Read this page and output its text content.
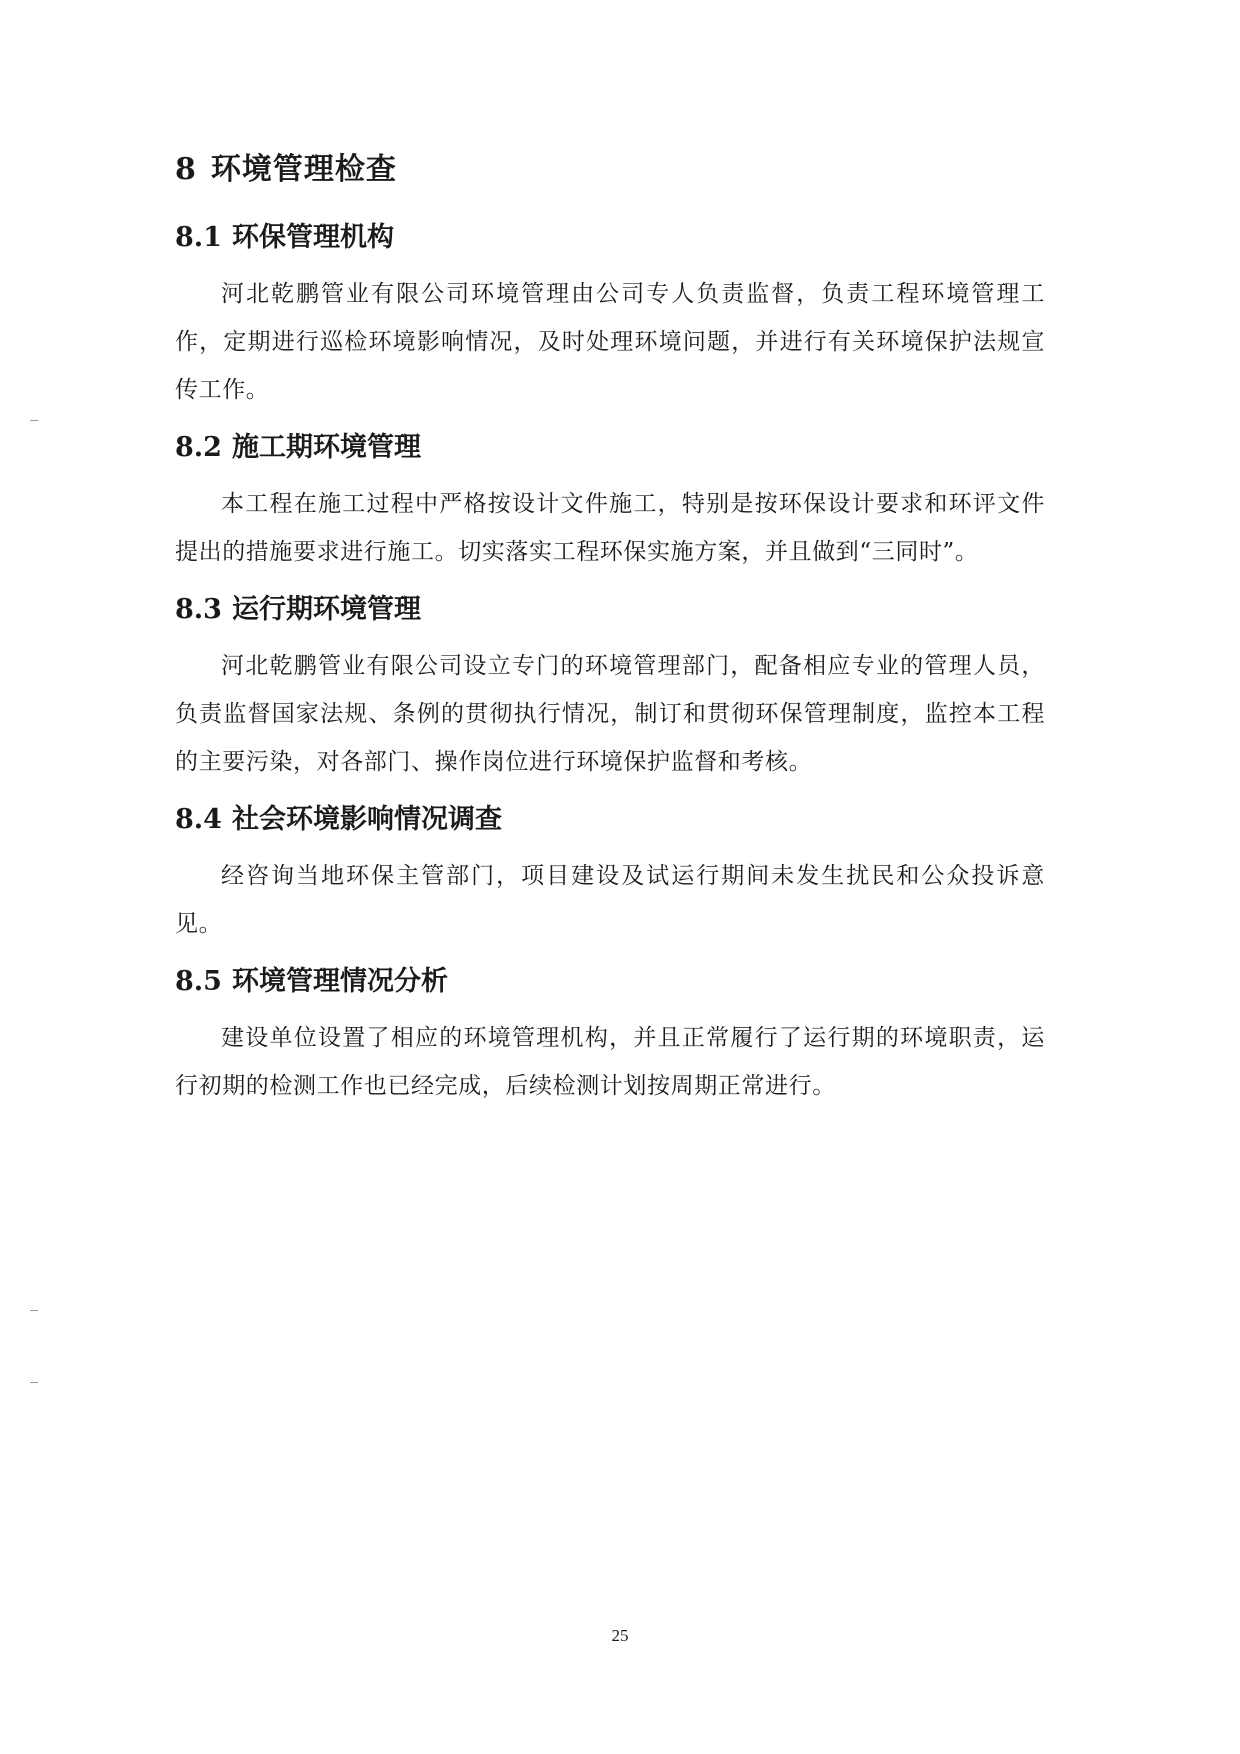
8 环境管理检查
8.1 环保管理机构

河北乾鹏管业有限公司环境管理由公司专人负责监督，负责工程环境管理工作，定期进行巡检环境影响情况，及时处理环境问题，并进行有关环境保护法规宣传工作。

8.2 施工期环境管理

本工程在施工过程中严格按设计文件施工，特别是按环保设计要求和环评文件提出的措施要求进行施工。切实落实工程环保实施方案，并且做到“三同时”。

8.3 运行期环境管理

河北乾鹏管业有限公司设立专门的环境管理部门，配备相应专业的管理人员，负责监督国家法规、条例的贯彻执行情况，制订和贯彻环保管理制度，监控本工程的主要污染，对各部门、操作岗位进行环境保护监督和考核。

8.4 社会环境影响情况调查

经咨询当地环保主管部门，项目建设及试运行期间未发生扰民和公众投诉意见。

8.5 环境管理情况分析

建设单位设置了相应的环境管理机构，并且正常履行了运行期的环境职责，运行初期的检测工作也已经完成，后续检测计划按周期正常进行。

25
